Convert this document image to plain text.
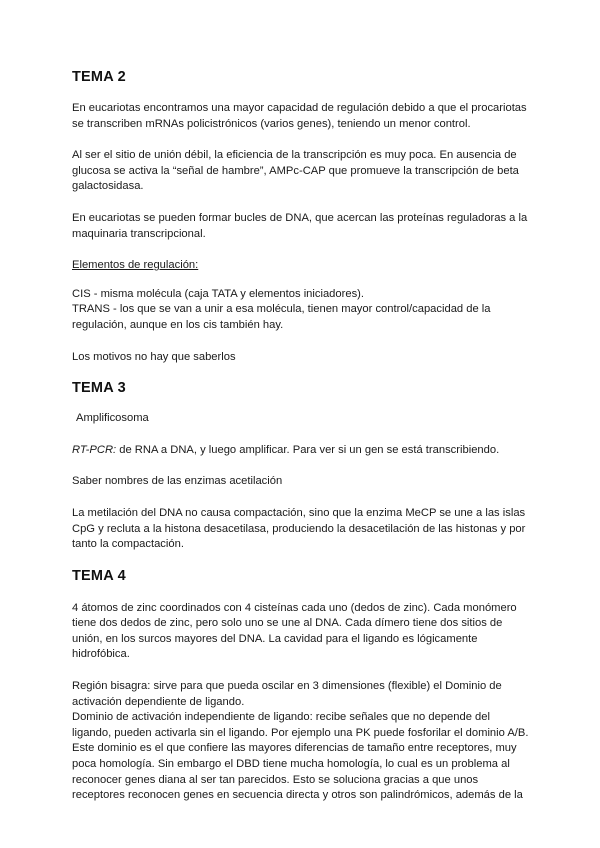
TEMA 2

En eucariotas encontramos una mayor capacidad de regulación debido a que el procariotas se transcriben mRNAs policistrónicos (varios genes), teniendo un menor control.

Al ser el sitio de unión débil, la eficiencia de la transcripción es muy poca. En ausencia de glucosa se activa la “señal de hambre”, AMPc-CAP que promueve la transcripción de beta galactosidasa.

En eucariotas se pueden formar bucles de DNA, que acercan las proteínas reguladoras a la maquinaria transcripcional.

Elementos de regulación:

CIS - misma molécula (caja TATA y elementos iniciadores).

TRANS - los que se van a unir a esa molécula, tienen mayor control/capacidad de la regulación, aunque en los cis también hay.

Los motivos no hay que saberlos

TEMA 3

Amplificosoma

RT-PCR: de RNA a DNA, y luego amplificar. Para ver si un gen se está transcribiendo.

Saber nombres de las enzimas acetilación

La metilación del DNA no causa compactación, sino que la enzima MeCP se une a las islas CpG y recluta a la histona desacetilasa, produciendo la desacetilación de las histonas y por tanto la compactación.

TEMA 4

4 átomos de zinc coordinados con 4 cisteínas cada uno (dedos de zinc). Cada monómero tiene dos dedos de zinc, pero solo uno se une al DNA. Cada dímero tiene dos sitios de unión, en los surcos mayores del DNA. La cavidad para el ligando es lógicamente hidrofóbica.

Región bisagra: sirve para que pueda oscilar en 3 dimensiones (flexible) el Dominio de activación dependiente de ligando.

Dominio de activación independiente de ligando: recibe señales que no depende del ligando, pueden activarla sin el ligando. Por ejemplo una PK puede fosforilar el dominio A/B. Este dominio es el que confiere las mayores diferencias de tamaño entre receptores, muy poca homología. Sin embargo el DBD tiene mucha homología, lo cual es un problema al reconocer genes diana al ser tan parecidos. Esto se soluciona gracias a que unos receptores reconocen genes en secuencia directa y otros son palindrómicos, además de la
